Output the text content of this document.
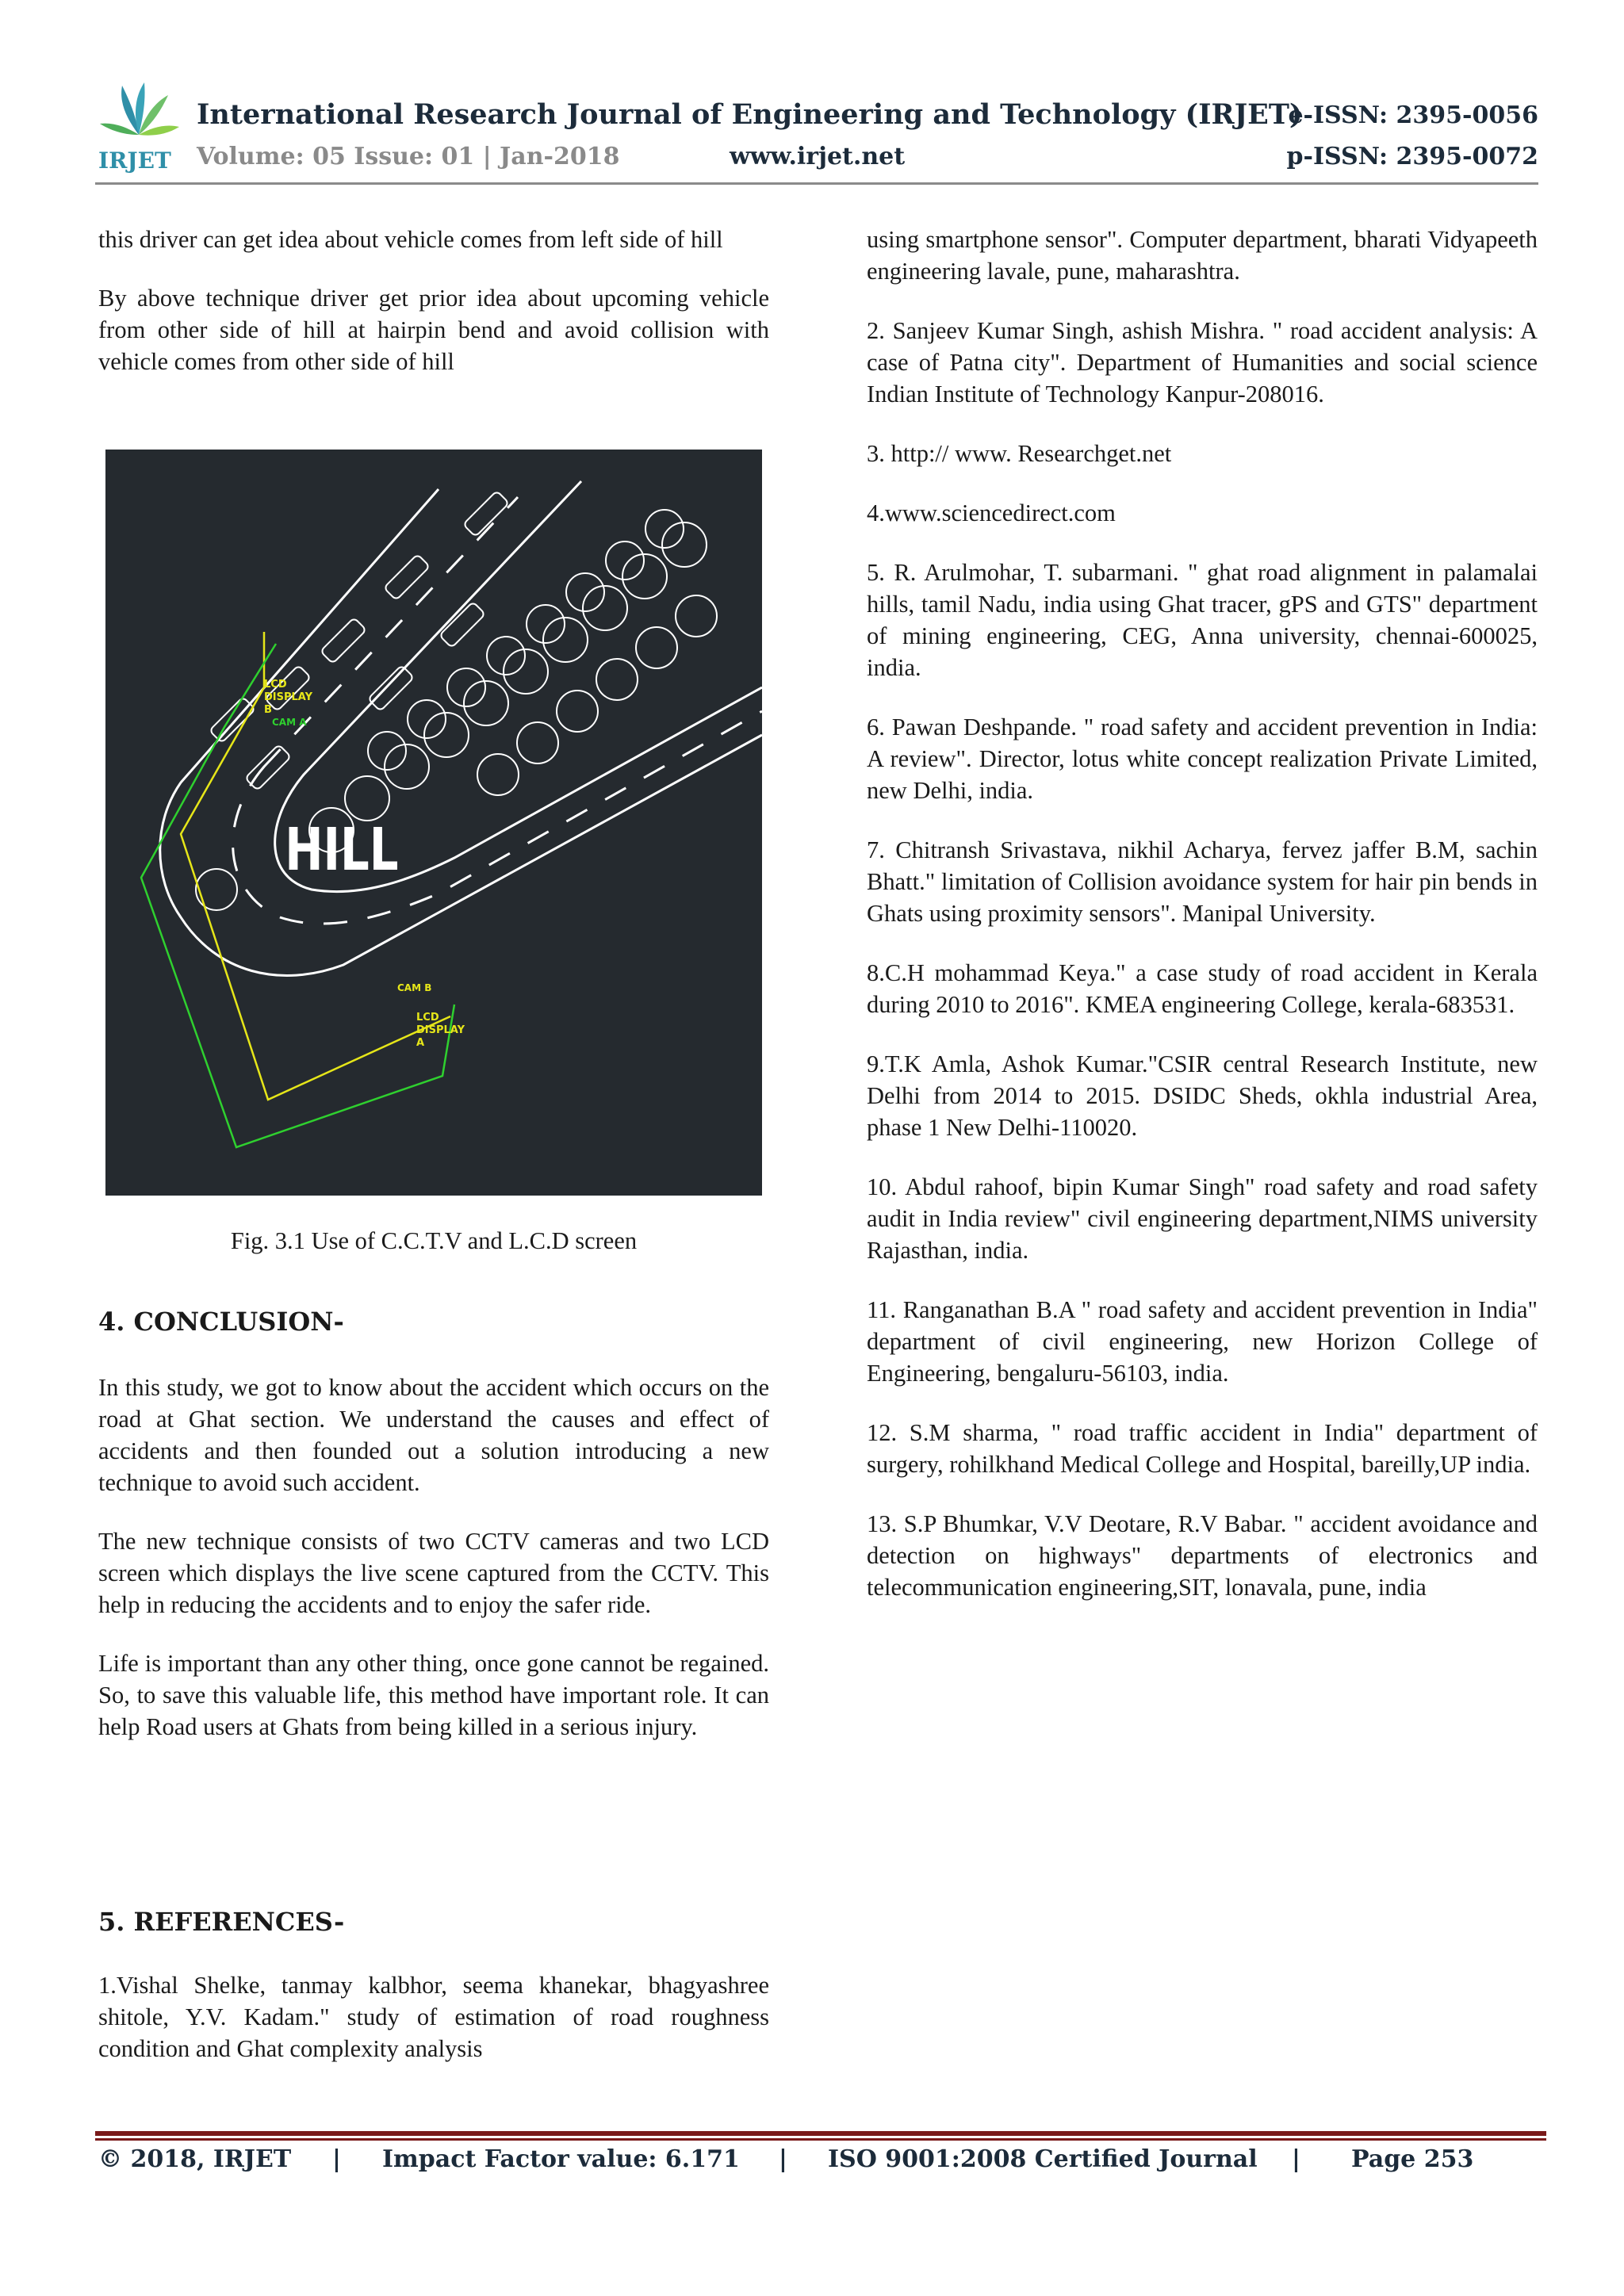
IRJET
International Research Journal of Engineering and Technology (IRJET)
Volume: 05 Issue: 01 | Jan-2018	www.irjet.net
e-ISSN: 2395-0056
p-ISSN: 2395-0072

this driver can get idea about vehicle comes from left side of hill

By above technique driver get prior idea about upcoming vehicle from other side of hill at hairpin bend and avoid collision with vehicle comes from other side of hill

HILL
LCD
DISPLAY
B
CAM A
CAM B
LCD
DISPLAY
A
Fig. 3.1 Use of C.C.T.V and L.C.D screen
4. CONCLUSION-

In this study, we got to know about the accident which occurs on the road at Ghat section. We understand the causes and effect of accidents and then founded out a solution introducing a new technique to avoid such accident.

The new technique consists of two CCTV cameras and two LCD screen which displays the live scene captured from the CCTV. This help in reducing the accidents and to enjoy the safer ride.

Life is important than any other thing, once gone cannot be regained. So, to save this valuable life, this method have important role. It can help Road users at Ghats from being killed in a serious injury.

5. REFERENCES-

1.Vishal Shelke, tanmay kalbhor, seema khanekar, bhagyashree shitole, Y.V. Kadam." study of estimation of road roughness condition and Ghat complexity analysis

using smartphone sensor". Computer department, bharati Vidyapeeth engineering lavale, pune, maharashtra.

2. Sanjeev Kumar Singh, ashish Mishra. " road accident analysis: A case of Patna city". Department of Humanities and social science Indian Institute of Technology Kanpur-208016.

3. http:// www. Researchget.net

4.www.sciencedirect.com

5. R. Arulmohar, T. subarmani. " ghat road alignment in palamalai hills, tamil Nadu, india using Ghat tracer, gPS and GTS" department of mining engineering, CEG, Anna university, chennai-600025, india.

6. Pawan Deshpande. " road safety and accident prevention in India: A review". Director, lotus white concept realization Private Limited, new Delhi, india.

7. Chitransh Srivastava, nikhil Acharya, fervez jaffer B.M, sachin Bhatt." limitation of Collision avoidance system for hair pin bends in Ghats using proximity sensors". Manipal University.

8.C.H mohammad Keya." a case study of road accident in Kerala during 2010 to 2016". KMEA engineering College, kerala-683531.

9.T.K Amla, Ashok Kumar."CSIR central Research Institute, new Delhi from 2014 to 2015. DSIDC Sheds, okhla industrial Area, phase 1 New Delhi-110020.

10. Abdul rahoof, bipin Kumar Singh" road safety and road safety audit in India review" civil engineering department,NIMS university Rajasthan, india.

11. Ranganathan B.A " road safety and accident prevention in India" department of civil engineering, new Horizon College of Engineering, bengaluru-56103, india.

12. S.M sharma, " road traffic accident in India" department of surgery, rohilkhand Medical College and Hospital, bareilly,UP india.

13. S.P Bhumkar, V.V Deotare, R.V Babar. " accident avoidance and detection on highways" departments of electronics and telecommunication engineering,SIT, lonavala, pune, india

© 2018, IRJET | Impact Factor value: 6.171 | ISO 9001:2008 Certified Journal | Page 253
